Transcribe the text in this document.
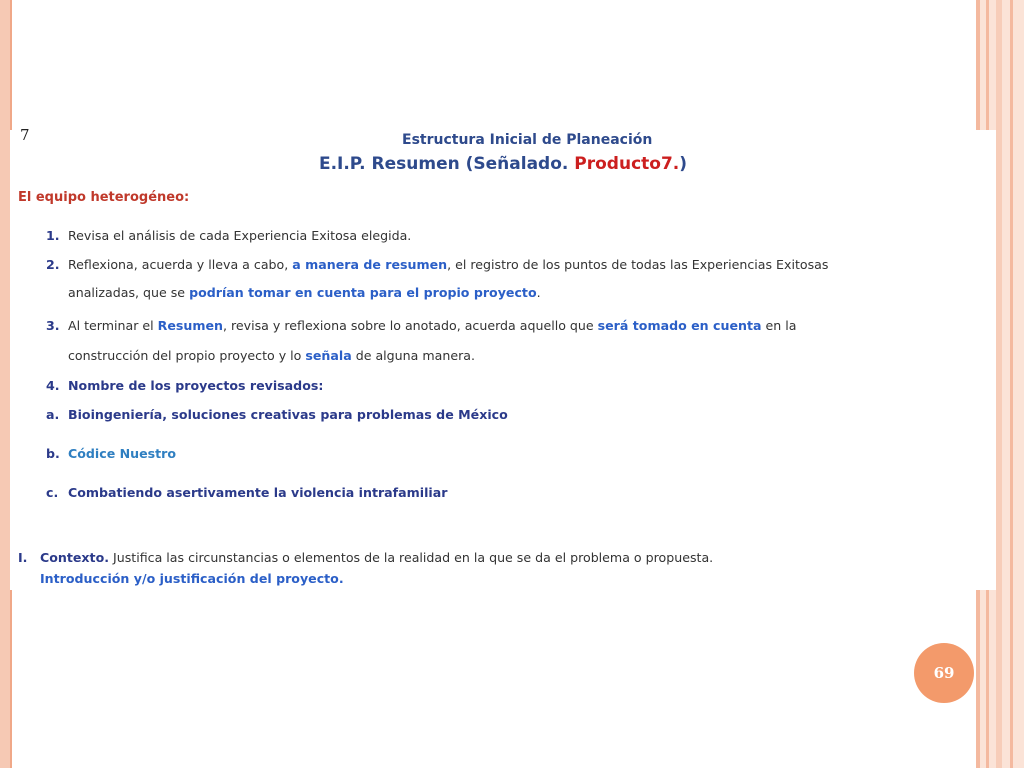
Estructura Inicial de Planeación
E.I.P. Resumen (Señalado. Producto7.)
El equipo heterogéneo:
1. Revisa el análisis de cada Experiencia Exitosa elegida.
2. Reflexiona, acuerda y lleva a cabo, a manera de resumen, el registro de los puntos de todas las Experiencias Exitosas
analizadas, que se podrían tomar en cuenta para el propio proyecto.
3. Al terminar el Resumen, revisa y reflexiona sobre lo anotado, acuerda aquello que será tomado en cuenta en la
construcción del propio proyecto y lo señala de alguna manera.
4. Nombre de los proyectos revisados:
a. Bioingeniería, soluciones creativas para problemas de México
b. Códice Nuestro
c. Combatiendo asertivamente la violencia intrafamiliar
I. Contexto. Justifica las circunstancias o elementos de la realidad en la que se da el problema o propuesta.
Introducción y/o justificación del proyecto.
7
69
